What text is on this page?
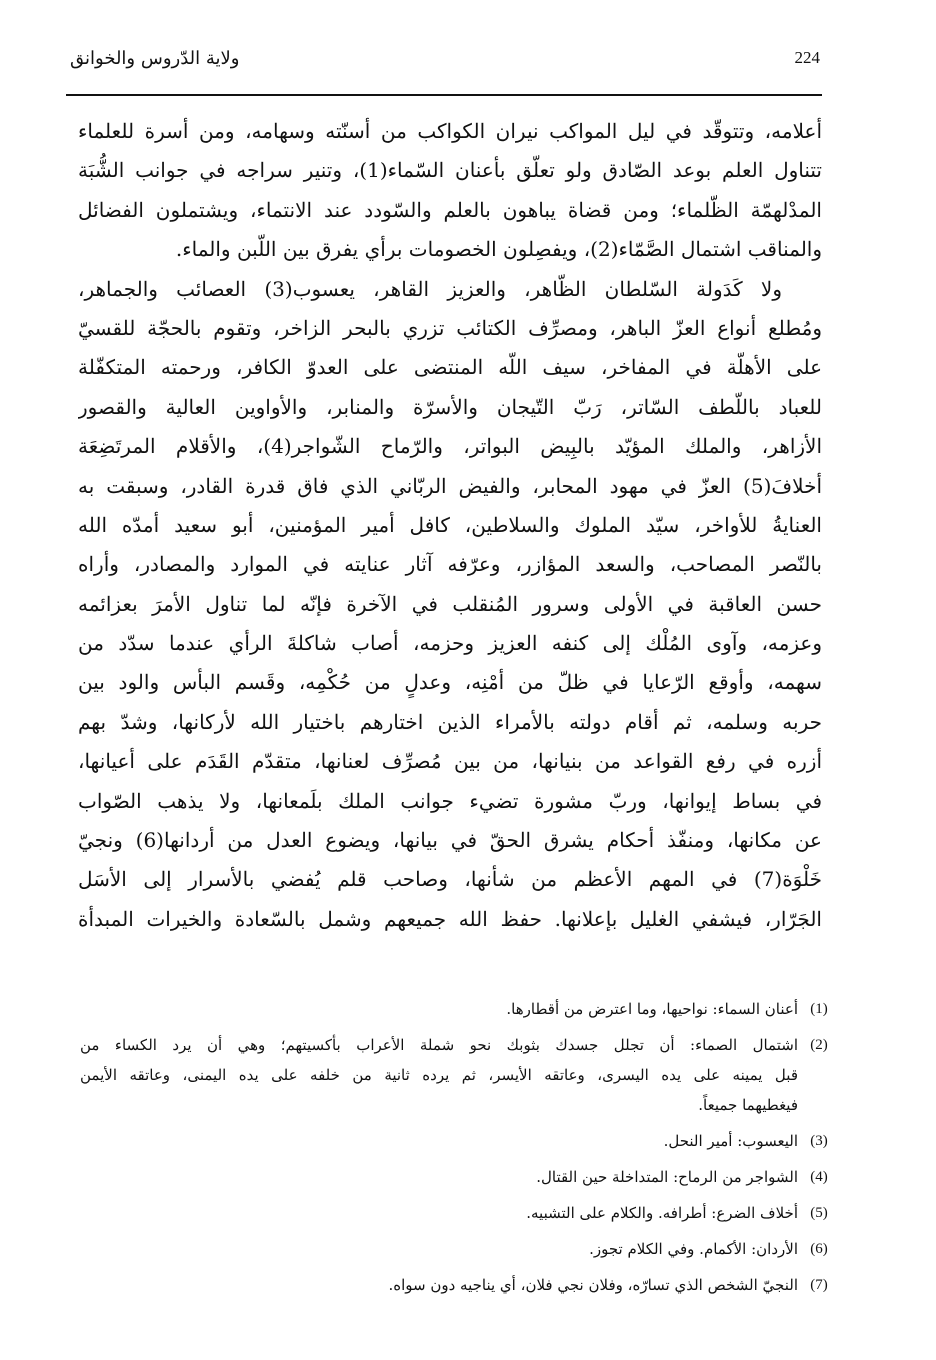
224
ولاية الدّروس والخوانق
أعلامه، وتتوقّد في ليل المواكب نيران الكواكب من أسنّته وسهامه، ومن أسرة للعلماء
تتناول العلم بوعد الصّادق ولو تعلّق بأعنان السّماء(1)، وتنير سراجه في جوانب الشُّبَة
المدْلهمّة الظّلماء؛ ومن قضاة يباهون بالعلم والسّودد عند الانتماء، ويشتملون الفضائل
والمناقب اشتمال الصَّمّاء(2)، ويفصِلون الخصومات برأي يفرق بين اللّبن والماء.
ولا كَدَولة السّلطان الظّاهر، والعزيز القاهر، يعسوب(3) العصائب والجماهر،
ومُطلع أنواع العزّ الباهر، ومصرِّف الكتائب تزري بالبحر الزاخر، وتقوم بالحجّة للقسيّ
على الأهلّة في المفاخر، سيف اللّه المنتضى على العدوّ الكافر، ورحمته المتكفّلة
للعباد باللّطف السّاتر، رَبّ التّيجان والأسرّة والمنابر، والأواوين العالية والقصور
الأزاهر، والملك المؤيّد بالبِيض البواتر، والرّماح الشّواجر(4)، والأقلام المرتَضِعَة
أخلافَ(5) العزّ في مهود المحابر، والفيض الربّاني الذي فاق قدرة القادر، وسبقت به
العنايةُ للأواخر، سيّد الملوك والسلاطين، كافل أمير المؤمنين، أبو سعيد أمدّه الله
بالنّصر المصاحب، والسعد المؤازر، وعرّفه آثار عنايته في الموارد والمصادر، وأراه
حسن العاقبة في الأولى وسرور المُنقلب في الآخرة فإنّه لما تناول الأمرَ بعزائمه
وعزمه، وآوى المُلْك إلى كنفه العزيز وحزمه، أصاب شاكلةَ الرأي عندما سدّد من
سهمه، وأوقع الرّعايا في ظلّ من أمْنِه، وعدلٍ من حُكْمِه، وقَسم البأس والود بين
حربه وسلمه، ثم أقام دولته بالأمراء الذين اختارهم باختيار الله لأركانها، وشدّ بهم
أزره في رفع القواعد من بنيانها، من بين مُصرِّف لعنانها، متقدّم القَدَم على أعيانها،
في بساط إيوانها، وربّ مشورة تضيء جوانب الملك بلَمعانها، ولا يذهب الصّواب
عن مكانها، ومنفّذ أحكام يشرق الحقّ في بيانها، ويضوع العدل من أردانها(6) ونجيّ
خَلْوَة(7) في المهم الأعظم من شأنها، وصاحب قلم يُفضي بالأسرار إلى الأسَل
الجَرّار، فيشفي الغليل بإعلانها. حفظ الله جميعهم وشمل بالسّعادة والخيرات المبدأة
(1)
أعنان السماء: نواحيها، وما اعترض من أقطارها.
(2)
اشتمال الصماء: أن تجلل جسدك بثوبك نحو شملة الأعراب بأكسيتهم؛ وهي أن يرد الكساء من
قبل يمينه على يده اليسرى، وعاتقه الأيسر، ثم يرده ثانية من خلفه على يده اليمنى، وعاتقه الأيمن
فيغطيهما جميعاً.
(3)
اليعسوب: أمير النحل.
(4)
الشواجر من الرماح: المتداخلة حين القتال.
(5)
أخلاف الضرع: أطرافه. والكلام على التشبيه.
(6)
الأردان: الأكمام. وفي الكلام تجوز.
(7)
النجيّ الشخص الذي تسارّه، وفلان نجي فلان، أي يناجيه دون سواه.
